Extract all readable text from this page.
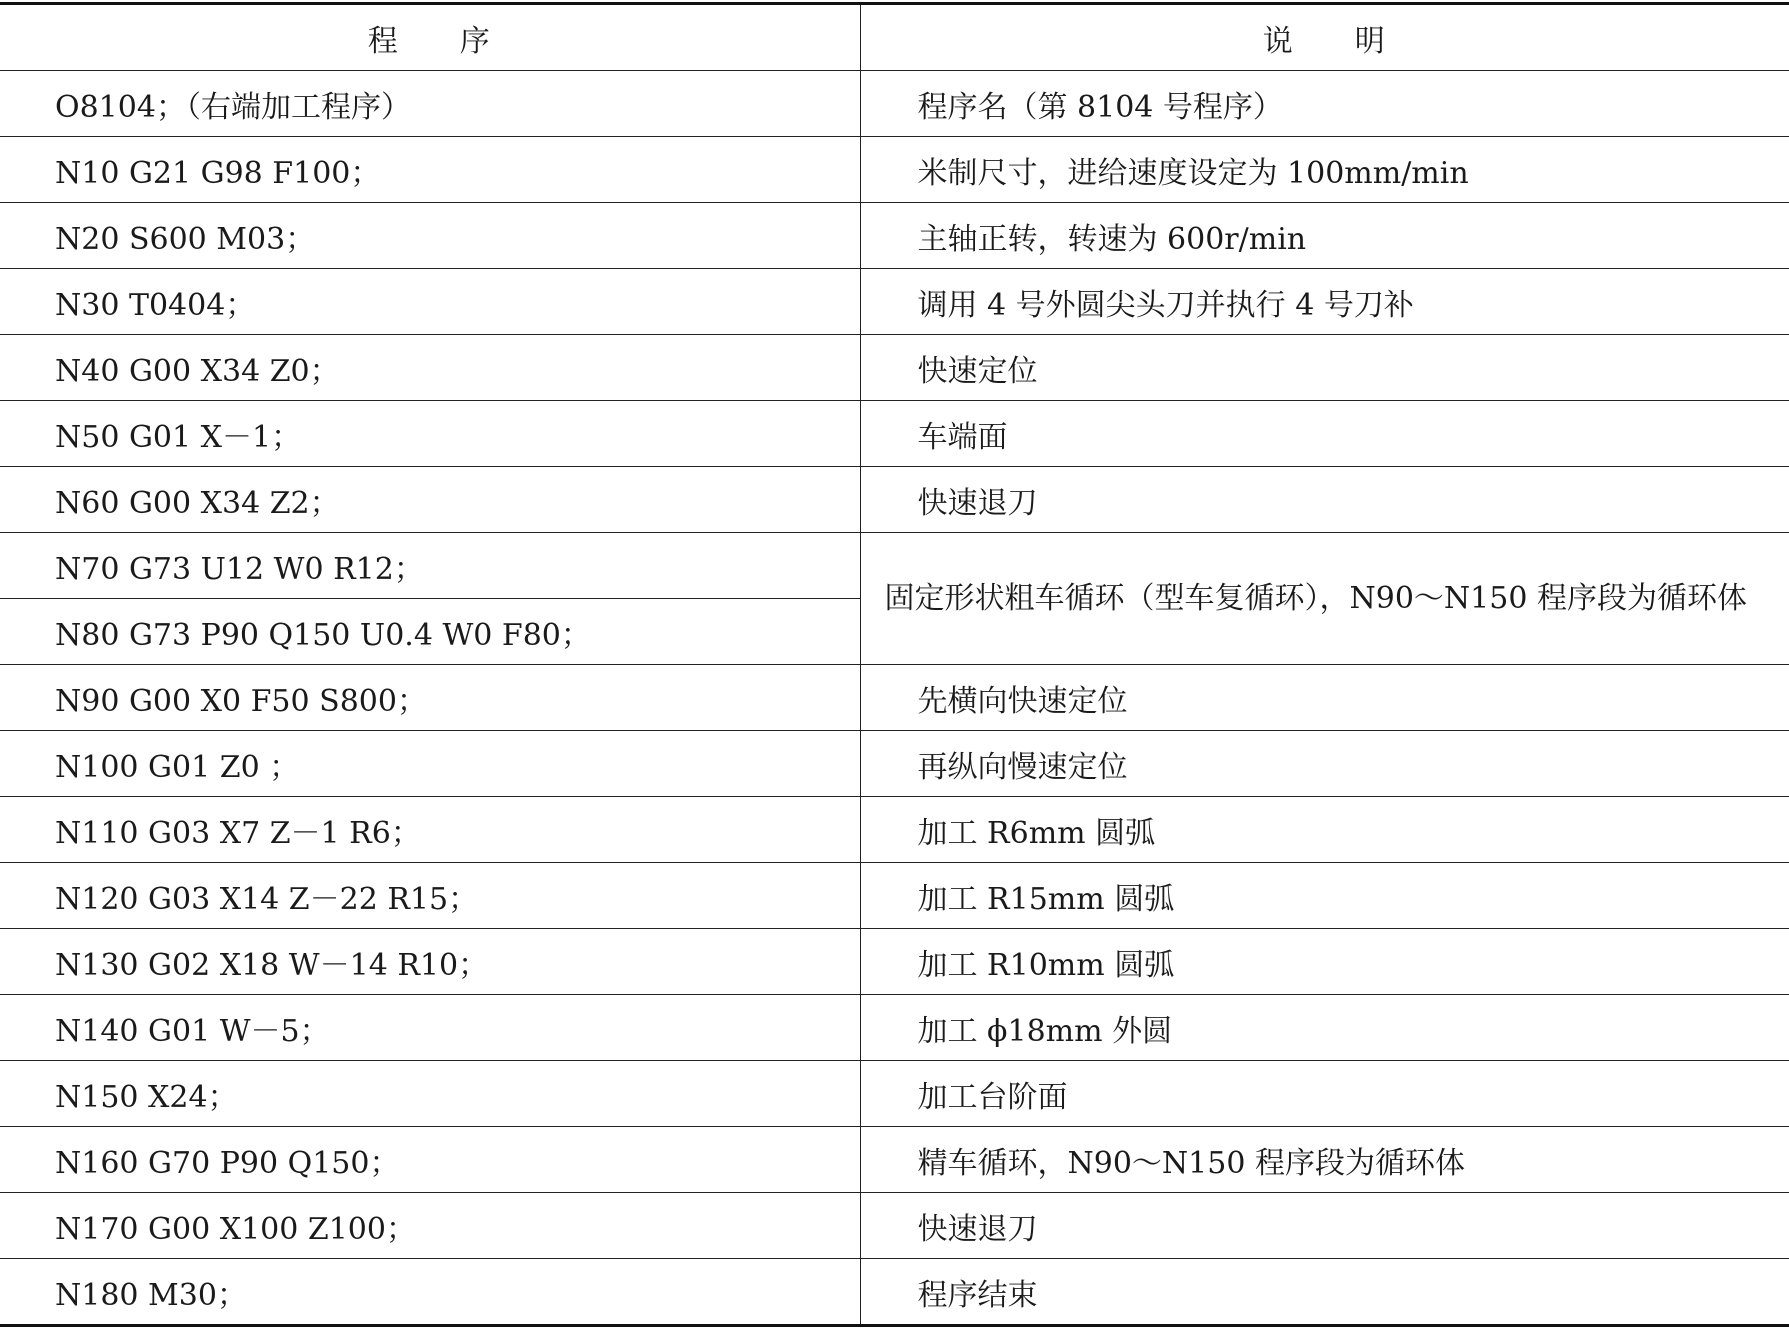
程 序	说 明
O8104；（右端加工程序）	程序名（第 8104 号程序）
N10 G21 G98 F100；	米制尺寸，进给速度设定为 100mm/min
N20 S600 M03；	主轴正转，转速为 600r/min
N30 T0404；	调用 4 号外圆尖头刀并执行 4 号刀补
N40 G00 X34 Z0；	快速定位
N50 G01 X－1；	车端面
N60 G00 X34 Z2；	快速退刀
N70 G73 U12 W0 R12；	固定形状粗车循环（型车复循环），N90～N150 程序段为循环体
N80 G73 P90 Q150 U0.4 W0 F80；	
N90 G00 X0 F50 S800；	先横向快速定位
N100 G01 Z0 ；	再纵向慢速定位
N110 G03 X7 Z－1 R6；	加工 R6mm 圆弧
N120 G03 X14 Z－22 R15；	加工 R15mm 圆弧
N130 G02 X18 W－14 R10；	加工 R10mm 圆弧
N140 G01 W－5；	加工 ϕ18mm 外圆
N150 X24；	加工台阶面
N160 G70 P90 Q150；	精车循环，N90～N150 程序段为循环体
N170 G00 X100 Z100；	快速退刀
N180 M30；	程序结束
